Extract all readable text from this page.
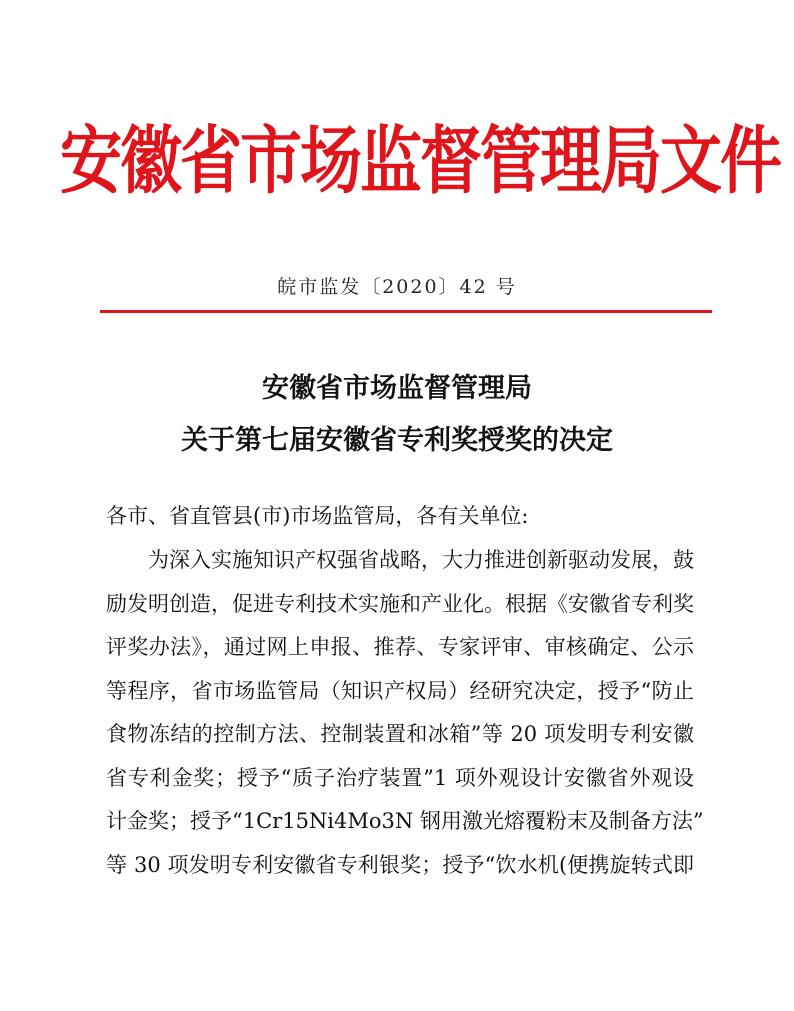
安徽省市场监督管理局文件
皖市监发〔2020〕42 号
安徽省市场监督管理局
关于第七届安徽省专利奖授奖的决定
各市、省直管县(市)市场监管局，各有关单位:
为深入实施知识产权强省战略，大力推进创新驱动发展，鼓
励发明创造，促进专利技术实施和产业化。根据《安徽省专利奖
评奖办法》，通过网上申报、推荐、专家评审、审核确定、公示
等程序，省市场监管局（知识产权局）经研究决定，授予“防止
食物冻结的控制方法、控制装置和冰箱”等 20 项发明专利安徽
省专利金奖；授予“质子治疗装置”1 项外观设计安徽省外观设
计金奖；授予“1Cr15Ni4Mo3N 钢用激光熔覆粉末及制备方法”
等 30 项发明专利安徽省专利银奖；授予“饮水机(便携旋转式即
